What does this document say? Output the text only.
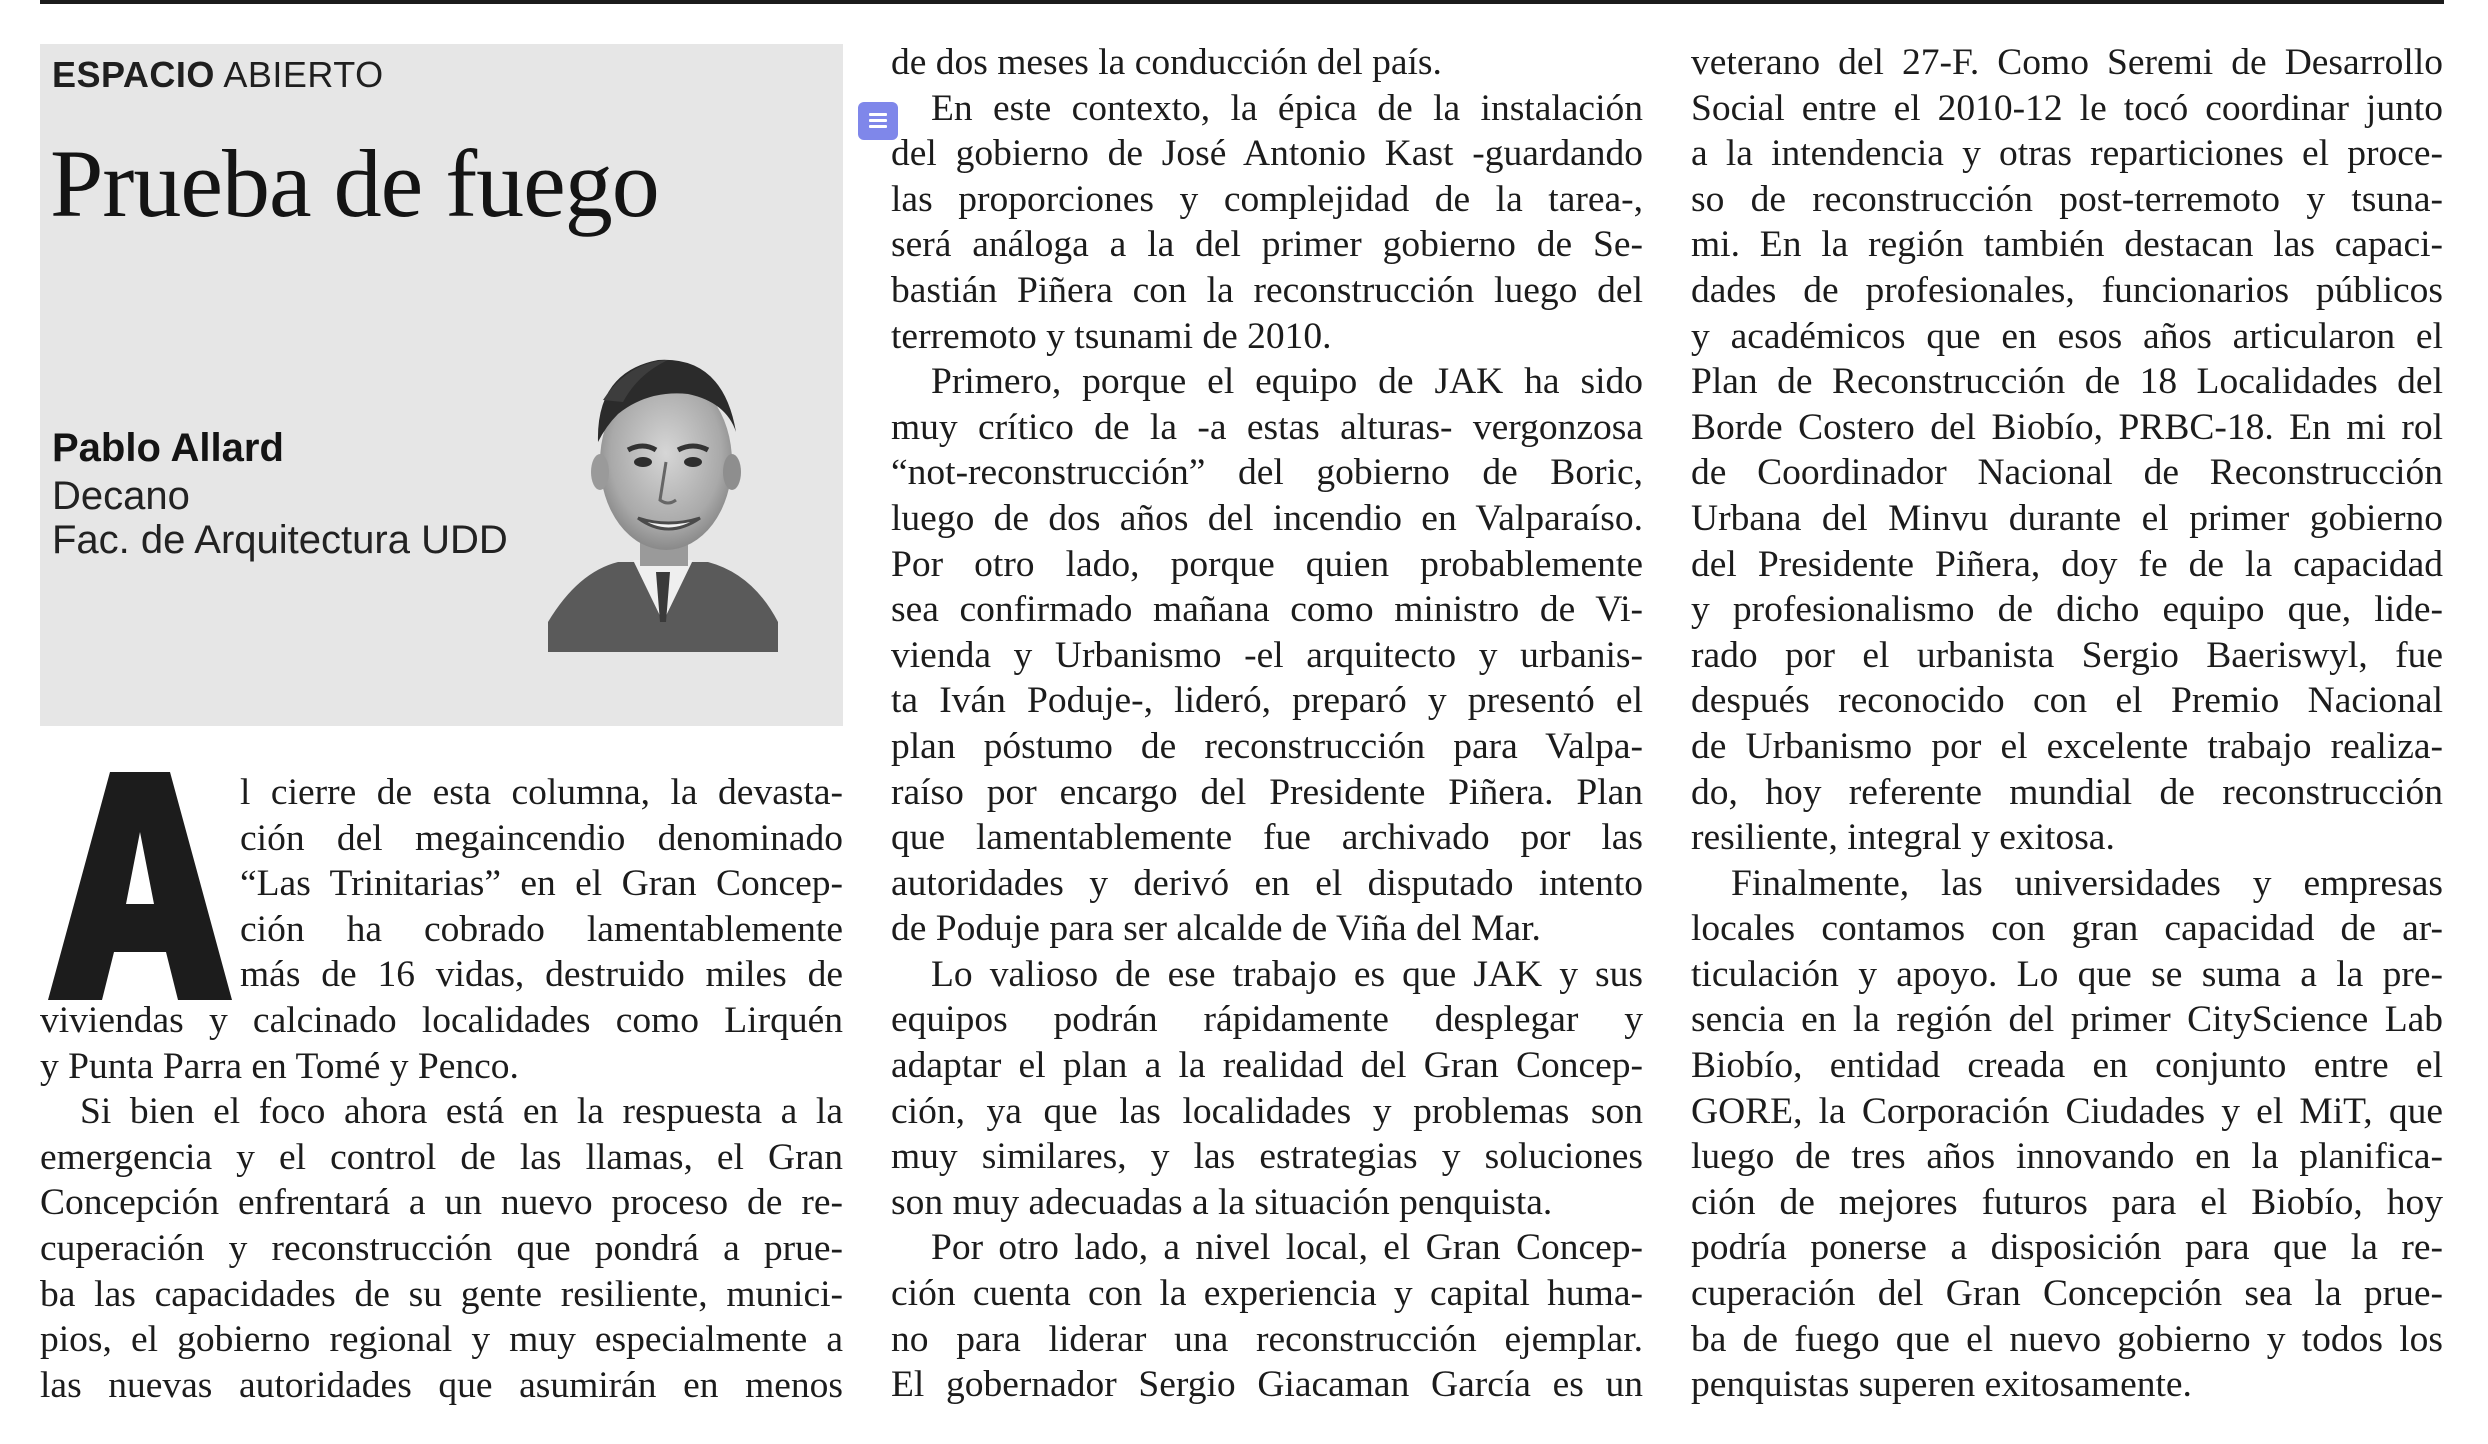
ESPACIO ABIERTO
Prueba de fuego
Pablo Allard
Decano
Fac. de Arquitectura UDD
l cierre de esta columna, la devasta-
ción del megaincendio denominado
“Las Trinitarias” en el Gran Concep-
ción ha cobrado lamentablemente
más de 16 vidas, destruido miles de
viviendas y calcinado localidades como Lirquén
y Punta Parra en Tomé y Penco.
Si bien el foco ahora está en la respuesta a la
emergencia y el control de las llamas, el Gran
Concepción enfrentará a un nuevo proceso de re-
cuperación y reconstrucción que pondrá a prue-
ba las capacidades de su gente resiliente, munici-
pios, el gobierno regional y muy especialmente a
las nuevas autoridades que asumirán en menos
de dos meses la conducción del país.
En este contexto, la épica de la instalación
del gobierno de José Antonio Kast -guardando
las proporciones y complejidad de la tarea-,
será análoga a la del primer gobierno de Se-
bastián Piñera con la reconstrucción luego del
terremoto y tsunami de 2010.
Primero, porque el equipo de JAK ha sido
muy crítico de la -a estas alturas- vergonzosa
“not-reconstrucción” del gobierno de Boric,
luego de dos años del incendio en Valparaíso.
Por otro lado, porque quien probablemente
sea confirmado mañana como ministro de Vi-
vienda y Urbanismo -el arquitecto y urbanis-
ta Iván Poduje-, lideró, preparó y presentó el
plan póstumo de reconstrucción para Valpa-
raíso por encargo del Presidente Piñera. Plan
que lamentablemente fue archivado por las
autoridades y derivó en el disputado intento
de Poduje para ser alcalde de Viña del Mar.
Lo valioso de ese trabajo es que JAK y sus
equipos podrán rápidamente desplegar y
adaptar el plan a la realidad del Gran Concep-
ción, ya que las localidades y problemas son
muy similares, y las estrategias y soluciones
son muy adecuadas a la situación penquista.
Por otro lado, a nivel local, el Gran Concep-
ción cuenta con la experiencia y capital huma-
no para liderar una reconstrucción ejemplar.
El gobernador Sergio Giacaman García es un
veterano del 27-F. Como Seremi de Desarrollo
Social entre el 2010-12 le tocó coordinar junto
a la intendencia y otras reparticiones el proce-
so de reconstrucción post-terremoto y tsuna-
mi. En la región también destacan las capaci-
dades de profesionales, funcionarios públicos
y académicos que en esos años articularon el
Plan de Reconstrucción de 18 Localidades del
Borde Costero del Biobío, PRBC-18. En mi rol
de Coordinador Nacional de Reconstrucción
Urbana del Minvu durante el primer gobierno
del Presidente Piñera, doy fe de la capacidad
y profesionalismo de dicho equipo que, lide-
rado por el urbanista Sergio Baeriswyl, fue
después reconocido con el Premio Nacional
de Urbanismo por el excelente trabajo realiza-
do, hoy referente mundial de reconstrucción
resiliente, integral y exitosa.
Finalmente, las universidades y empresas
locales contamos con gran capacidad de ar-
ticulación y apoyo. Lo que se suma a la pre-
sencia en la región del primer CityScience Lab
Biobío, entidad creada en conjunto entre el
GORE, la Corporación Ciudades y el MiT, que
luego de tres años innovando en la planifica-
ción de mejores futuros para el Biobío, hoy
podría ponerse a disposición para que la re-
cuperación del Gran Concepción sea la prue-
ba de fuego que el nuevo gobierno y todos los
penquistas superen exitosamente.
